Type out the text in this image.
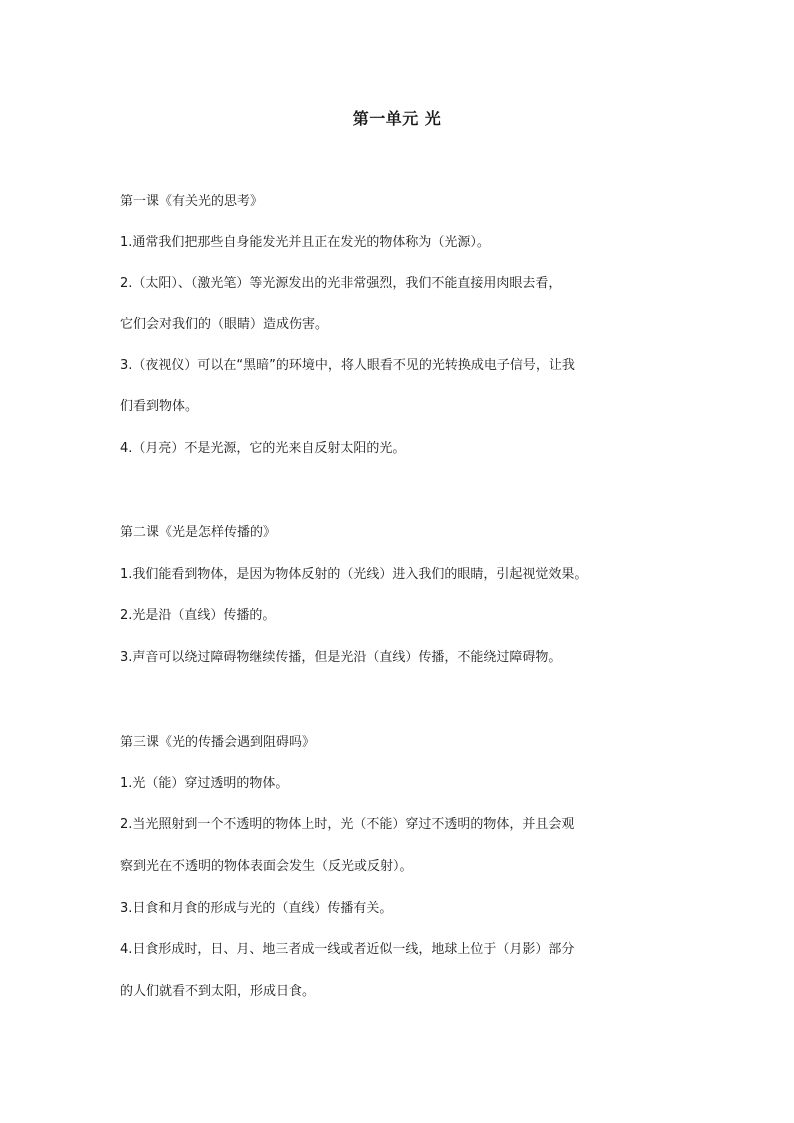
第一单元 光
第一课《有关光的思考》
1.通常我们把那些自身能发光并且正在发光的物体称为（光源）。
2.（太阳）、（激光笔）等光源发出的光非常强烈，我们不能直接用肉眼去看，
它们会对我们的（眼睛）造成伤害。
3.（夜视仪）可以在“黑暗”的环境中，将人眼看不见的光转换成电子信号，让我
们看到物体。
4.（月亮）不是光源，它的光来自反射太阳的光。
第二课《光是怎样传播的》
1.我们能看到物体，是因为物体反射的（光线）进入我们的眼睛，引起视觉效果。
2.光是沿（直线）传播的。
3.声音可以绕过障碍物继续传播，但是光沿（直线）传播，不能绕过障碍物。
第三课《光的传播会遇到阻碍吗》
1.光（能）穿过透明的物体。
2.当光照射到一个不透明的物体上时，光（不能）穿过不透明的物体，并且会观
察到光在不透明的物体表面会发生（反光或反射）。
3.日食和月食的形成与光的（直线）传播有关。
4.日食形成时，日、月、地三者成一线或者近似一线，地球上位于（月影）部分
的人们就看不到太阳，形成日食。
